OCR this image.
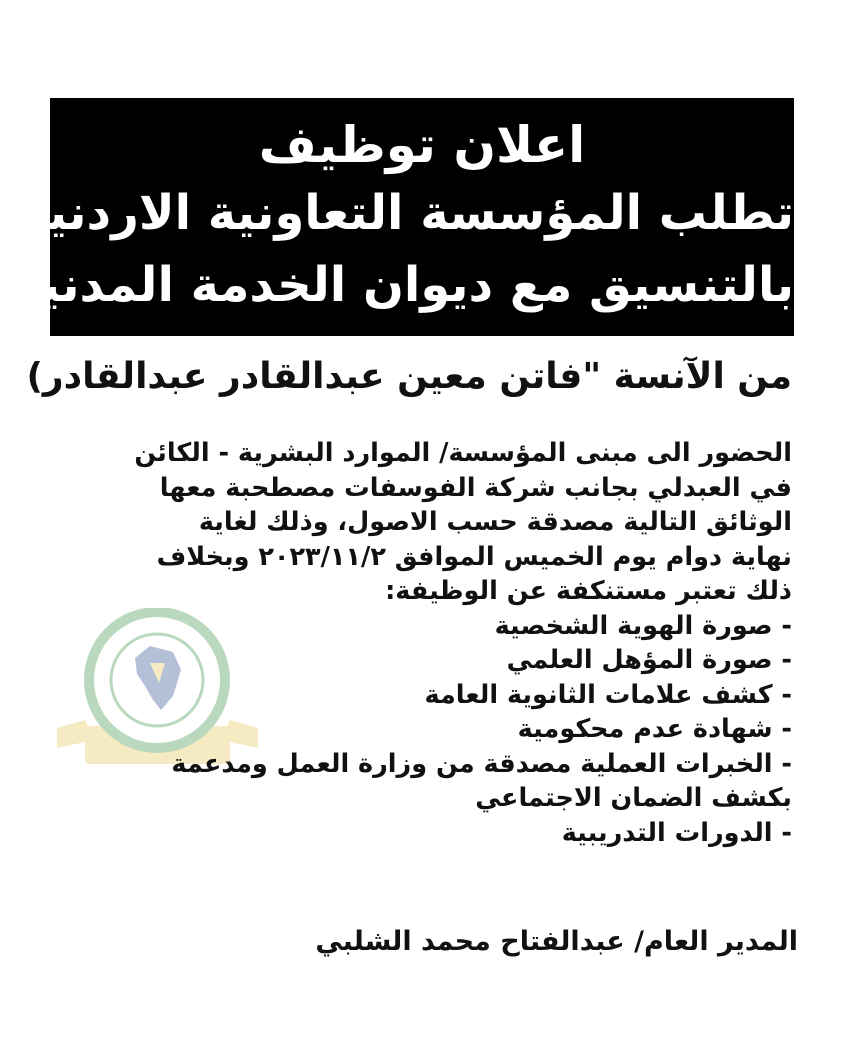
اعلان توظيف
تطلب المؤسسة التعاونية الاردنية
بالتنسيق مع ديوان الخدمة المدنية
من الآنسة "فاتن معين عبدالقادر عبدالقادر)
الحضور الى مبنى المؤسسة/ الموارد البشرية - الكائن
في العبدلي بجانب شركة الفوسفات مصطحبة معها
الوثائق التالية مصدقة حسب الاصول، وذلك لغاية
نهاية دوام يوم الخميس الموافق ٢٠٢٣/١١/٢ وبخلاف
ذلك تعتبر مستنكفة عن الوظيفة:
- صورة الهوية الشخصية
- صورة المؤهل العلمي
- كشف علامات الثانوية العامة
- شهادة عدم محكومية
- الخبرات العملية مصدقة من وزارة العمل ومدعمة
بكشف الضمان الاجتماعي
- الدورات التدريبية
المدير العام/ عبدالفتاح محمد الشلبي
